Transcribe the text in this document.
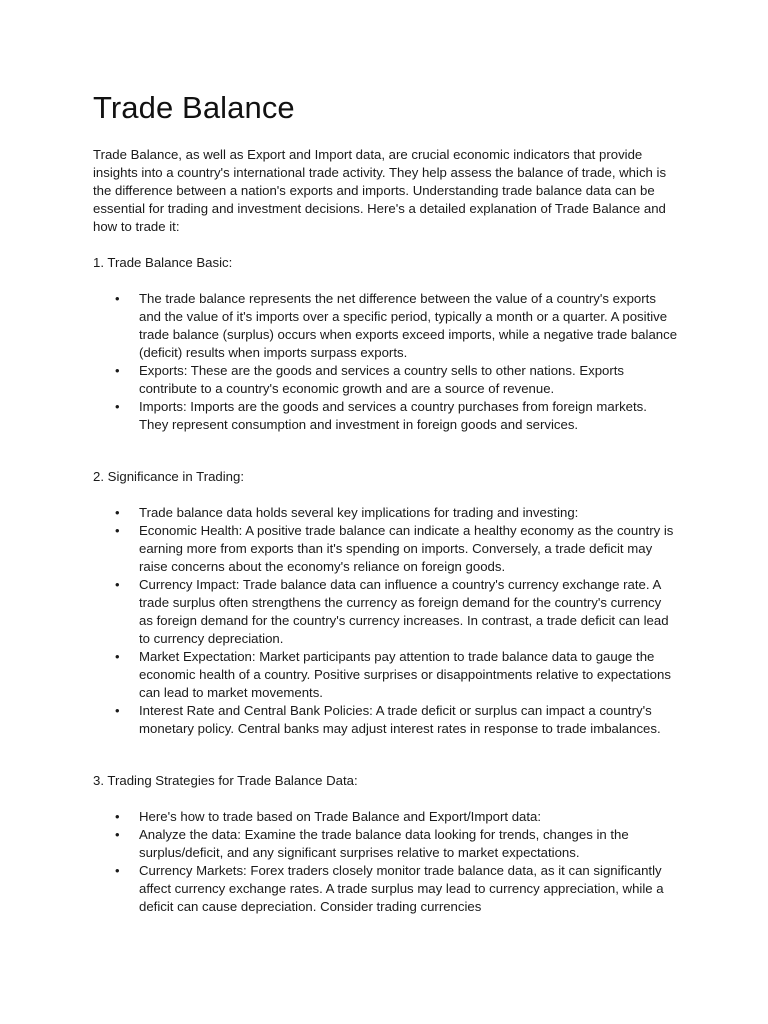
Trade Balance

Trade Balance, as well as Export and Import data, are crucial economic indicators that provide insights into a country's international trade activity. They help assess the balance of trade, which is the difference between a nation's exports and imports. Understanding trade balance data can be essential for trading and investment decisions. Here's a detailed explanation of Trade Balance and how to trade it:

1. Trade Balance Basic:

• The trade balance represents the net difference between the value of a country's exports and the value of it's imports over a specific period, typically a month or a quarter. A positive trade balance (surplus) occurs when exports exceed imports, while a negative trade balance (deficit) results when imports surpass exports.
• Exports: These are the goods and services a country sells to other nations. Exports contribute to a country's economic growth and are a source of revenue.
• Imports: Imports are the goods and services a country purchases from foreign markets. They represent consumption and investment in foreign goods and services.

2. Significance in Trading:

• Trade balance data holds several key implications for trading and investing:
• Economic Health: A positive trade balance can indicate a healthy economy as the country is earning more from exports than it's spending on imports. Conversely, a trade deficit may raise concerns about the economy's reliance on foreign goods.
• Currency Impact: Trade balance data can influence a country's currency exchange rate. A trade surplus often strengthens the currency as foreign demand for the country's currency as foreign demand for the country's currency increases. In contrast, a trade deficit can lead to currency depreciation.
• Market Expectation: Market participants pay attention to trade balance data to gauge the economic health of a country. Positive surprises or disappointments relative to expectations can lead to market movements.
• Interest Rate and Central Bank Policies: A trade deficit or surplus can impact a country's monetary policy. Central banks may adjust interest rates in response to trade imbalances.

3. Trading Strategies for Trade Balance Data:

• Here's how to trade based on Trade Balance and Export/Import data:
• Analyze the data: Examine the trade balance data looking for trends, changes in the surplus/deficit, and any significant surprises relative to market expectations.
• Currency Markets: Forex traders closely monitor trade balance data, as it can significantly affect currency exchange rates. A trade surplus may lead to currency appreciation, while a deficit can cause depreciation. Consider trading currencies
